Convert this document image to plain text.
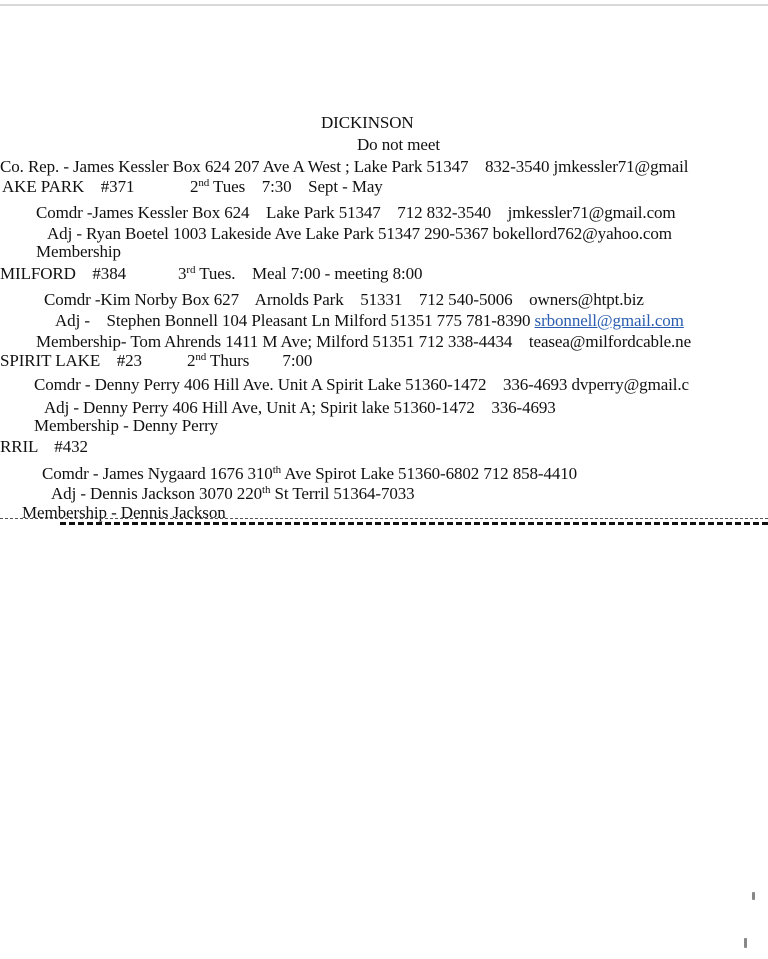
DICKINSON
Do not meet
Co. Rep. - James Kessler Box 624 207 Ave A West ; Lake Park 51347    832-3540 jmkessler71@gmail
AKE PARK    #371	2nd Tues    7:30    Sept - May
Comdr -James Kessler Box 624    Lake Park 51347    712 832-3540    jmkessler71@gmail.com
Adj - Ryan Boetel 1003 Lakeside Ave Lake Park 51347 290-5367 bokellord762@yahoo.com
Membership
MILFORD    #384	3rd Tues.    Meal 7:00 - meeting 8:00
Comdr -Kim Norby Box 627    Arnolds Park    51331    712 540-5006    owners@htpt.biz
Adj -    Stephen Bonnell 104 Pleasant Ln Milford 51351 775 781-8390 srbonnell@gmail.com
Membership- Tom Ahrends 1411 M Ave; Milford 51351 712 338-4434    teasea@milfordcable.ne
SPIRIT LAKE    #23	2nd Thurs        7:00
Comdr - Denny Perry 406 Hill Ave. Unit A Spirit Lake 51360-1472    336-4693 dvperry@gmail.c
Adj - Denny Perry 406 Hill Ave, Unit A; Spirit lake 51360-1472    336-4693
Membership - Denny Perry
RRIL    #432
Comdr - James Nygaard 1676 310th Ave Spirot Lake 51360-6802 712 858-4410
Adj - Dennis Jackson 3070 220th St Terril 51364-7033
Membership - Dennis Jackson
